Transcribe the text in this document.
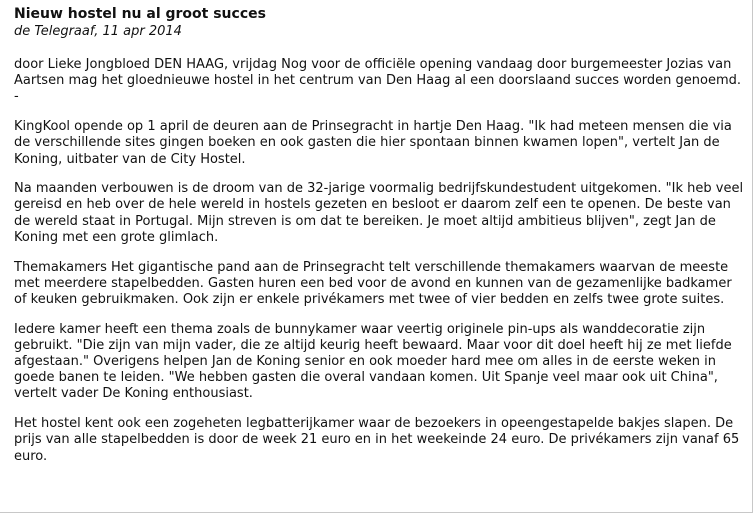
Nieuw hostel nu al groot succes

de Telegraaf, 11 apr 2014

door Lieke Jongbloed DEN HAAG, vrijdag Nog voor de officiële opening vandaag door burgemeester Jozias van Aartsen mag het gloednieuwe hostel in het centrum van Den Haag al een doorslaand succes worden genoemd. -

KingKool opende op 1 april de deuren aan de Prinsegracht in hartje Den Haag. "Ik had meteen mensen die via de verschillende sites gingen boeken en ook gasten die hier spontaan binnen kwamen lopen", vertelt Jan de Koning, uitbater van de City Hostel.

Na maanden verbouwen is de droom van de 32-jarige voormalig bedrijfskundestudent uitgekomen. "Ik heb veel gereisd en heb over de hele wereld in hostels gezeten en besloot er daarom zelf een te openen. De beste van de wereld staat in Portugal. Mijn streven is om dat te bereiken. Je moet altijd ambitieus blijven", zegt Jan de Koning met een grote glimlach.

Themakamers Het gigantische pand aan de Prinsegracht telt verschillende themakamers waarvan de meeste met meerdere stapelbedden. Gasten huren een bed voor de avond en kunnen van de gezamenlijke badkamer of keuken gebruikmaken. Ook zijn er enkele privékamers met twee of vier bedden en zelfs twee grote suites.

Iedere kamer heeft een thema zoals de bunnykamer waar veertig originele pin-ups als wanddecoratie zijn gebruikt. "Die zijn van mijn vader, die ze altijd keurig heeft bewaard. Maar voor dit doel heeft hij ze met liefde afgestaan." Overigens helpen Jan de Koning senior en ook moeder hard mee om alles in de eerste weken in goede banen te leiden. "We hebben gasten die overal vandaan komen. Uit Spanje veel maar ook uit China", vertelt vader De Koning enthousiast.

Het hostel kent ook een zogeheten legbatterijkamer waar de bezoekers in opeengestapelde bakjes slapen. De prijs van alle stapelbedden is door de week 21 euro en in het weekeinde 24 euro. De privékamers zijn vanaf 65 euro.
